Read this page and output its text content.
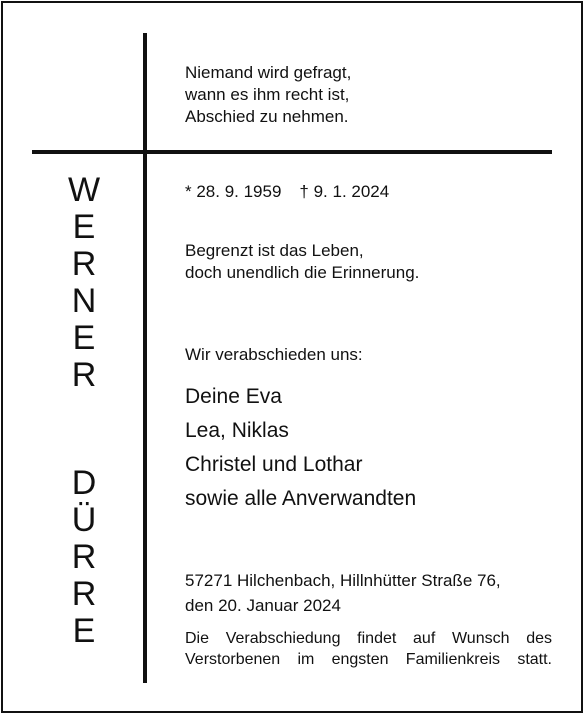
Niemand wird gefragt,
wann es ihm recht ist,
Abschied zu nehmen.
W
E
R
N
E
R
D
Ü
R
R
E
* 28. 9. 1959 † 9. 1. 2024
Begrenzt ist das Leben,
doch unendlich die Erinnerung.
Wir verabschieden uns:
Deine Eva
Lea, Niklas
Christel und Lothar
sowie alle Anverwandten
57271 Hilchenbach, Hillnhütter Straße 76,
den 20. Januar 2024
Die Verabschiedung findet auf Wunsch des Verstorbenen im engsten Familienkreis statt.
